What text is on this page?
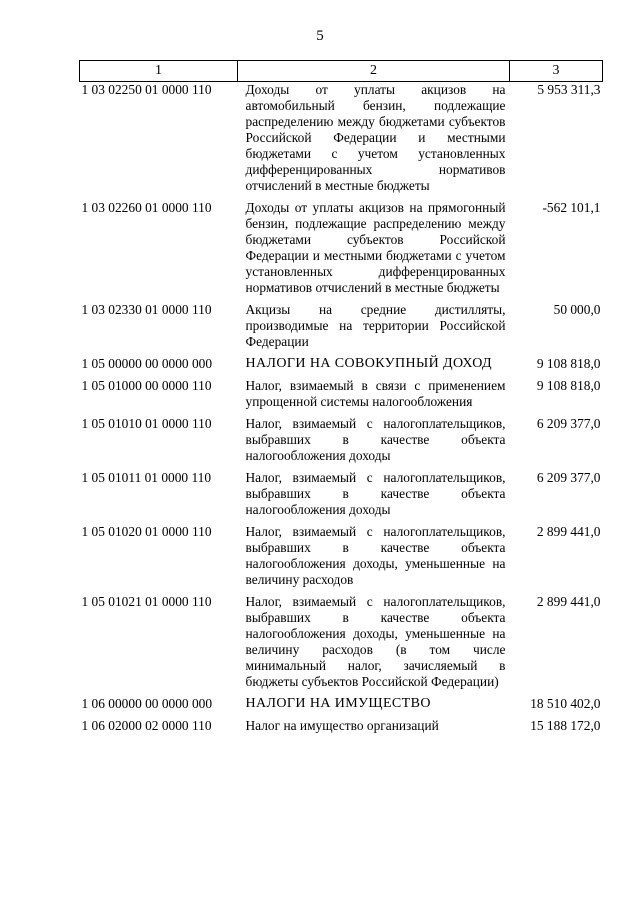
5
1	2	3
1 03 02250 01 0000 110	Доходы от уплаты акцизов на автомобильный бензин, подлежащие распределению между бюджетами субъектов Российской Федерации и местными бюджетами с учетом установленных дифференцированных нормативов отчислений в местные бюджеты	5 953 311,3
1 03 02260 01 0000 110	Доходы от уплаты акцизов на прямогонный бензин, подлежащие распределению между бюджетами субъектов Российской Федерации и местными бюджетами с учетом установленных дифференцированных нормативов отчислений в местные бюджеты	-562 101,1
1 03 02330 01 0000 110	Акцизы на средние дистилляты, производимые на территории Российской Федерации	50 000,0
1 05 00000 00 0000 000	НАЛОГИ НА СОВОКУПНЫЙ ДОХОД	9 108 818,0
1 05 01000 00 0000 110	Налог, взимаемый в связи с применением упрощенной системы налогообложения	9 108 818,0
1 05 01010 01 0000 110	Налог, взимаемый с налогоплательщиков, выбравших в качестве объекта налогообложения доходы	6 209 377,0
1 05 01011 01 0000 110	Налог, взимаемый с налогоплательщиков, выбравших в качестве объекта налогообложения доходы	6 209 377,0
1 05 01020 01 0000 110	Налог, взимаемый с налогоплательщиков, выбравших в качестве объекта налогообложения доходы, уменьшенные на величину расходов	2 899 441,0
1 05 01021 01 0000 110	Налог, взимаемый с налогоплательщиков, выбравших в качестве объекта налогообложения доходы, уменьшенные на величину расходов (в том числе минимальный налог, зачисляемый в бюджеты субъектов Российской Федерации)	2 899 441,0
1 06 00000 00 0000 000	НАЛОГИ НА ИМУЩЕСТВО	18 510 402,0
1 06 02000 02 0000 110	Налог на имущество организаций	15 188 172,0
